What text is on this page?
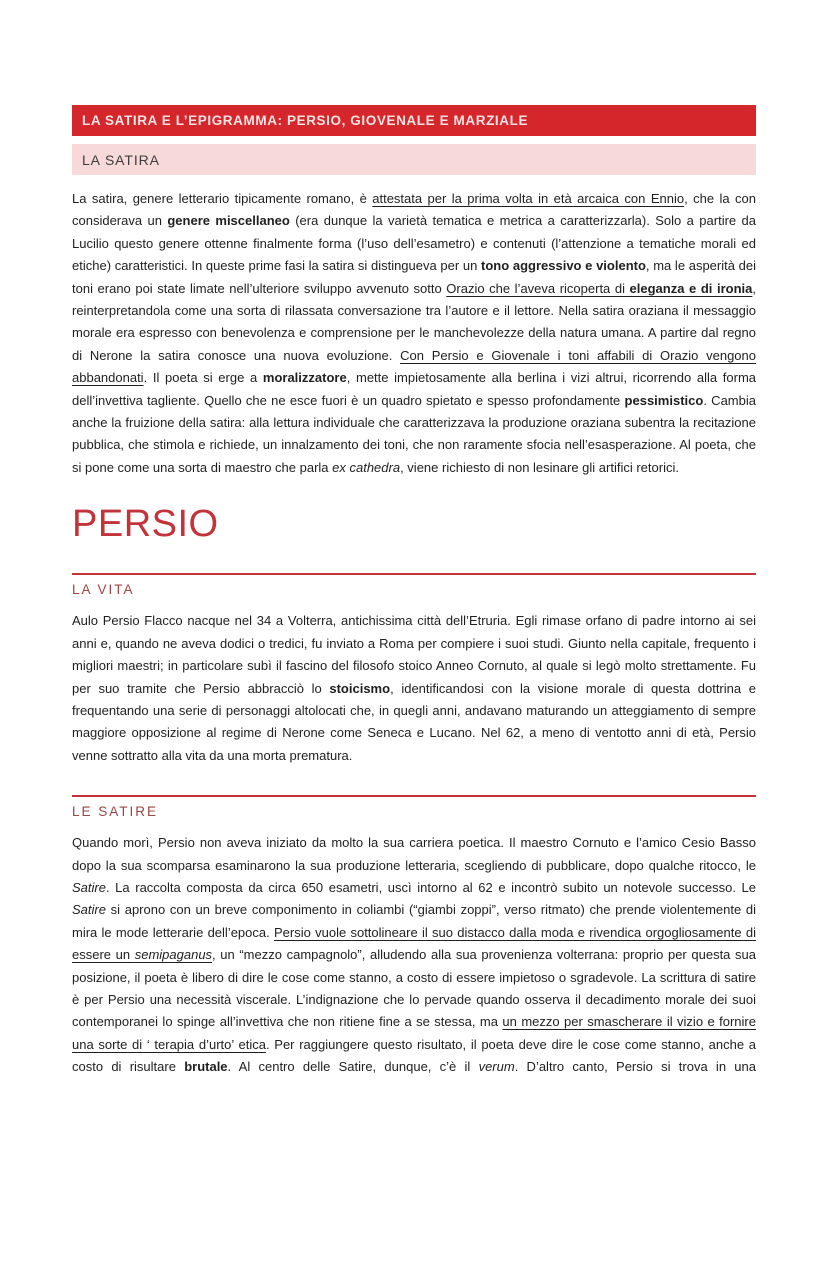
LA SATIRA E L’EPIGRAMMA: PERSIO, GIOVENALE E MARZIALE
LA SATIRA

La satira, genere letterario tipicamente romano, è attestata per la prima volta in età arcaica con Ennio, che la con considerava un genere miscellaneo (era dunque la varietà tematica e metrica a caratterizzarla). Solo a partire da Lucilio questo genere ottenne finalmente forma (l’uso dell’esametro) e contenuti (l’attenzione a tematiche morali ed etiche) caratteristici. In queste prime fasi la satira si distingueva per un tono aggressivo e violento, ma le asperità dei toni erano poi state limate nell’ulteriore sviluppo avvenuto sotto Orazio che l’aveva ricoperta di eleganza e di ironia, reinterpretandola come una sorta di rilassata conversazione tra l’autore e il lettore. Nella satira oraziana il messaggio morale era espresso con benevolenza e comprensione per le manchevolezze della natura umana. A partire dal regno di Nerone la satira conosce una nuova evoluzione. Con Persio e Giovenale i toni affabili di Orazio vengono abbandonati. Il poeta si erge a moralizzatore, mette impietosamente alla berlina i vizi altrui, ricorrendo alla forma dell’invettiva tagliente. Quello che ne esce fuori è un quadro spietato e spesso profondamente pessimistico. Cambia anche la fruizione della satira: alla lettura individuale che caratterizzava la produzione oraziana subentra la recitazione pubblica, che stimola e richiede, un innalzamento dei toni, che non raramente sfocia nell’esasperazione. Al poeta, che si pone come una sorta di maestro che parla ex cathedra, viene richiesto di non lesinare gli artifici retorici.

PERSIO
LA VITA

Aulo Persio Flacco nacque nel 34 a Volterra, antichissima città dell’Etruria. Egli rimase orfano di padre intorno ai sei anni e, quando ne aveva dodici o tredici, fu inviato a Roma per compiere i suoi studi. Giunto nella capitale, frequento i migliori maestri; in particolare subì il fascino del filosofo stoico Anneo Cornuto, al quale si legò molto strettamente. Fu per suo tramite che Persio abbracciò lo stoicismo, identificandosi con la visione morale di questa dottrina e frequentando una serie di personaggi altolocati che, in quegli anni, andavano maturando un atteggiamento di sempre maggiore opposizione al regime di Nerone come Seneca e Lucano. Nel 62, a meno di ventotto anni di età, Persio venne sottratto alla vita da una morta prematura.

LE SATIRE

Quando morì, Persio non aveva iniziato da molto la sua carriera poetica. Il maestro Cornuto e l’amico Cesio Basso dopo la sua scomparsa esaminarono la sua produzione letteraria, scegliendo di pubblicare, dopo qualche ritocco, le Satire. La raccolta composta da circa 650 esametri, uscì intorno al 62 e incontrò subito un notevole successo. Le Satire si aprono con un breve componimento in coliambi (“giambi zoppi”, verso ritmato) che prende violentemente di mira le mode letterarie dell’epoca. Persio vuole sottolineare il suo distacco dalla moda e rivendica orgogliosamente di essere un semipaganus, un “mezzo campagnolo”, alludendo alla sua provenienza volterrana: proprio per questa sua posizione, il poeta è libero di dire le cose come stanno, a costo di essere impietoso o sgradevole. La scrittura di satire è per Persio una necessità viscerale. L’indignazione che lo pervade quando osserva il decadimento morale dei suoi contemporanei lo spinge all’invettiva che non ritiene fine a se stessa, ma un mezzo per smascherare il vizio e fornire una sorte di ‘ terapia d’urto’ etica. Per raggiungere questo risultato, il poeta deve dire le cose come stanno, anche a costo di risultare brutale. Al centro delle Satire, dunque, c’è il verum. D’altro canto, Persio si trova in una
